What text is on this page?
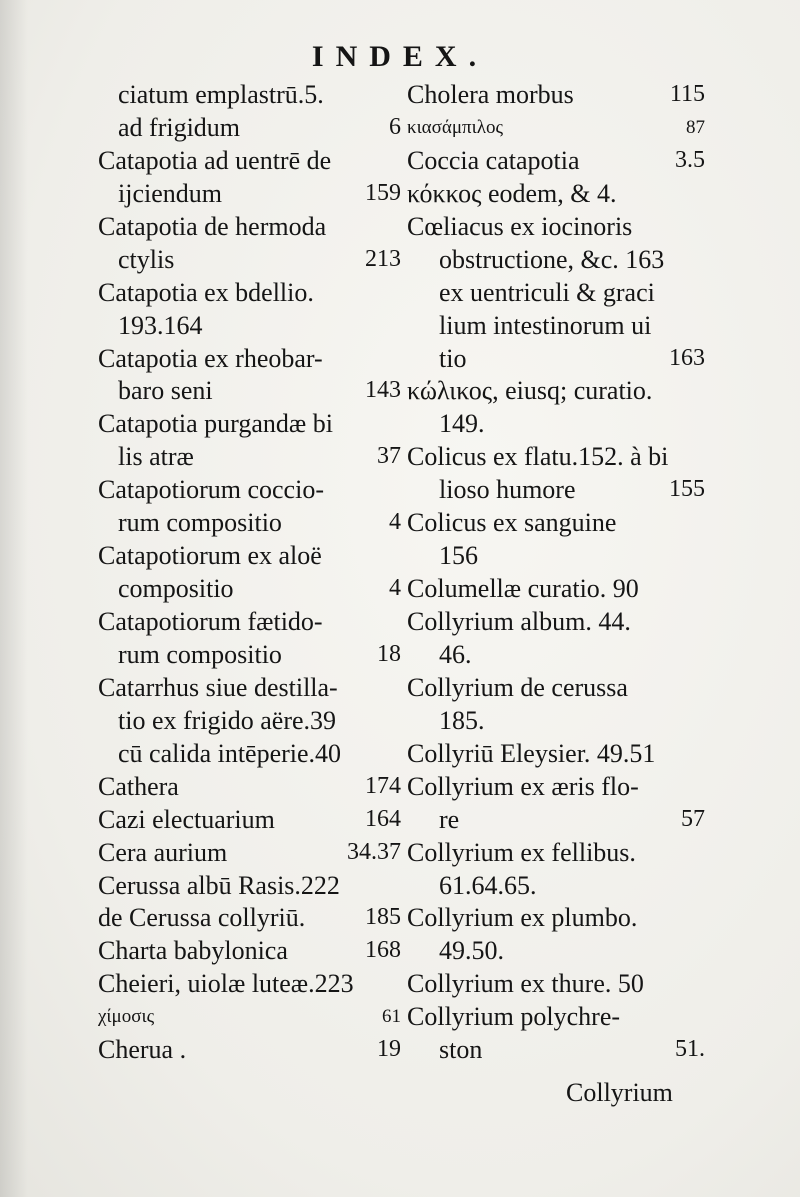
INDEX.
ciatum emplastrū.5.
ad frigidum	6
Catapotia ad uentrē de
ijciendum	159
Catapotia de hermoda
ctylis	213
Catapotia ex bdellio.
193.164
Catapotia ex rheobar-
baro seni	143
Catapotia purgandæ bi
lis atræ	37
Catapotiorum coccio-
rum compositio	4
Catapotiorum ex aloë
compositio	4
Catapotiorum fætido-
rum compositio	18
Catarrhus siue destilla-
tio ex frigido aëre.39
cū calida intēperie.40
Cathera	174
Cazi electuarium	164
Cera aurium	34.37
Cerussa albū Rasis.222
de Cerussa collyriū. 185
Charta babylonica	168
Cheieri, uiolæ luteæ.223
χίμοσις	61
Cherua .	19
Cholera morbus	115
κιασάμπιλος	87
Coccia catapotia	3.5
κόκκος eodem, & 4.
Cœliacus ex iocinoris
obstructione, &c. 163
ex uentriculi & graci
lium intestinorum ui
tio	163
κώλικος, eiusq; curatio.
149.
Colicus ex flatu.152. à bi
lioso humore	155
Colicus ex sanguine
156
Columellæ curatio. 90
Collyrium album. 44.
46.
Collyrium de cerussa
185.
Collyriū Eleysier. 49.51
Collyrium ex æris flo-
re	57
Collyrium ex fellibus.
61.64.65.
Collyrium ex plumbo.
49.50.
Collyrium ex thure. 50
Collyrium polychre-
ston	51.
Collyrium
